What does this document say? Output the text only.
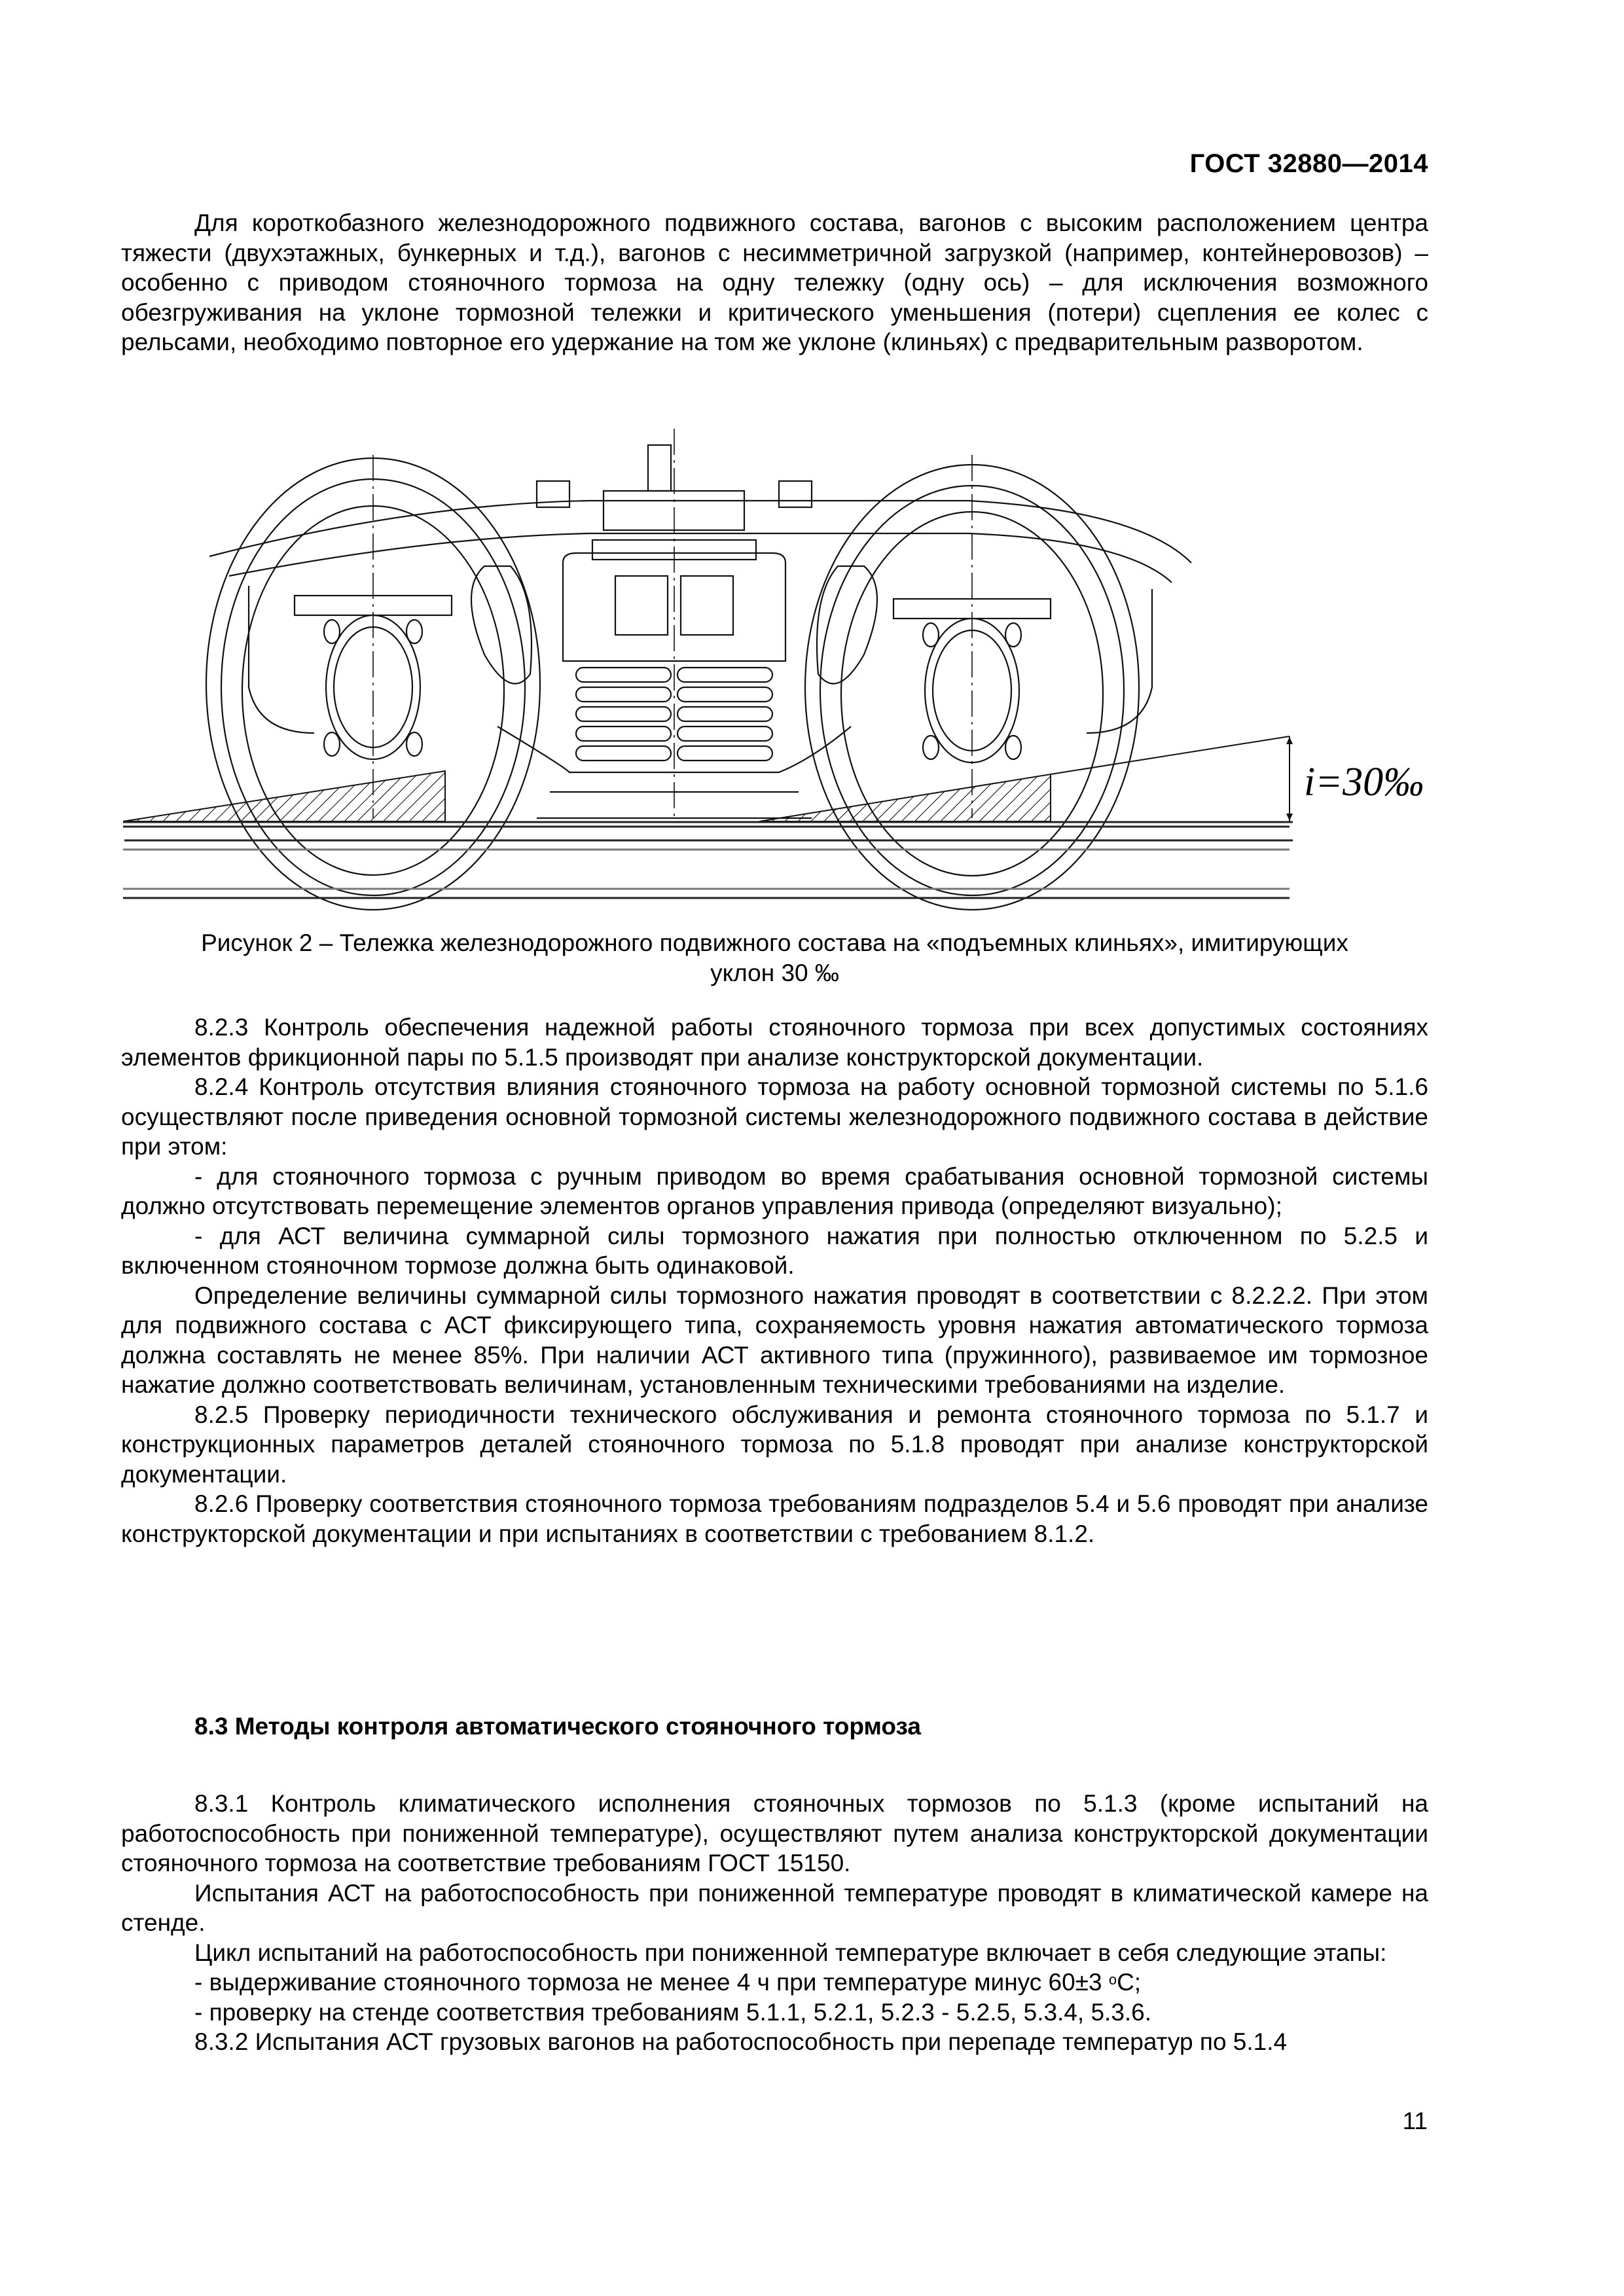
ГОСТ 32880—2014

Для короткобазного железнодорожного подвижного состава, вагонов с высоким расположением центра тяжести (двухэтажных, бункерных и т.д.), вагонов с несимметричной загрузкой (например, контейнеровозов) – особенно с приводом стояночного тормоза на одну тележку (одну ось) – для исключения возможного обезгруживания на уклоне тормозной тележки и критического уменьшения (потери) сцепления ее колес с рельсами, необходимо повторное его удержание на том же уклоне (клиньях) с предварительным разворотом.

i=30‰
Рисунок 2 – Тележка железнодорожного подвижного состава на «подъемных клиньях», имитирующих
уклон 30 ‰

8.2.3 Контроль обеспечения надежной работы стояночного тормоза при всех допустимых состояниях элементов фрикционной пары по 5.1.5 производят при анализе конструкторской документации.

8.2.4 Контроль отсутствия влияния стояночного тормоза на работу основной тормозной системы по 5.1.6 осуществляют после приведения основной тормозной системы железнодорожного подвижного состава в действие при этом:

- для стояночного тормоза с ручным приводом во время срабатывания основной тормозной системы должно отсутствовать перемещение элементов органов управления привода (определяют визуально);

- для АСТ величина суммарной силы тормозного нажатия при полностью отключенном по 5.2.5 и включенном стояночном тормозе должна быть одинаковой.

Определение величины суммарной силы тормозного нажатия проводят в соответствии с 8.2.2.2. При этом для подвижного состава с АСТ фиксирующего типа, сохраняемость уровня нажатия автоматического тормоза должна составлять не менее 85%. При наличии АСТ активного типа (пружинного), развиваемое им тормозное нажатие должно соответствовать величинам, установленным техническими требованиями на изделие.

8.2.5 Проверку периодичности технического обслуживания и ремонта стояночного тормоза по 5.1.7 и конструкционных параметров деталей стояночного тормоза по 5.1.8 проводят при анализе конструкторской документации.

8.2.6 Проверку соответствия стояночного тормоза требованиям подразделов 5.4 и 5.6 проводят при анализе конструкторской документации и при испытаниях в соответствии с требованием 8.1.2.

8.3 Методы контроля автоматического стояночного тормоза

8.3.1 Контроль климатического исполнения стояночных тормозов по 5.1.3 (кроме испытаний на работоспособность при пониженной температуре), осуществляют путем анализа конструкторской документации стояночного тормоза на соответствие требованиям ГОСТ 15150.

Испытания АСТ на работоспособность при пониженной температуре проводят в климатической камере на стенде.

Цикл испытаний на работоспособность при пониженной температуре включает в себя следующие этапы:

- выдерживание стояночного тормоза не менее 4 ч при температуре минус 60±3 $^o$С;

- проверку на стенде соответствия требованиям 5.1.1, 5.2.1, 5.2.3 - 5.2.5, 5.3.4, 5.3.6.

8.3.2 Испытания АСТ грузовых вагонов на работоспособность при перепаде температур по 5.1.4

11
